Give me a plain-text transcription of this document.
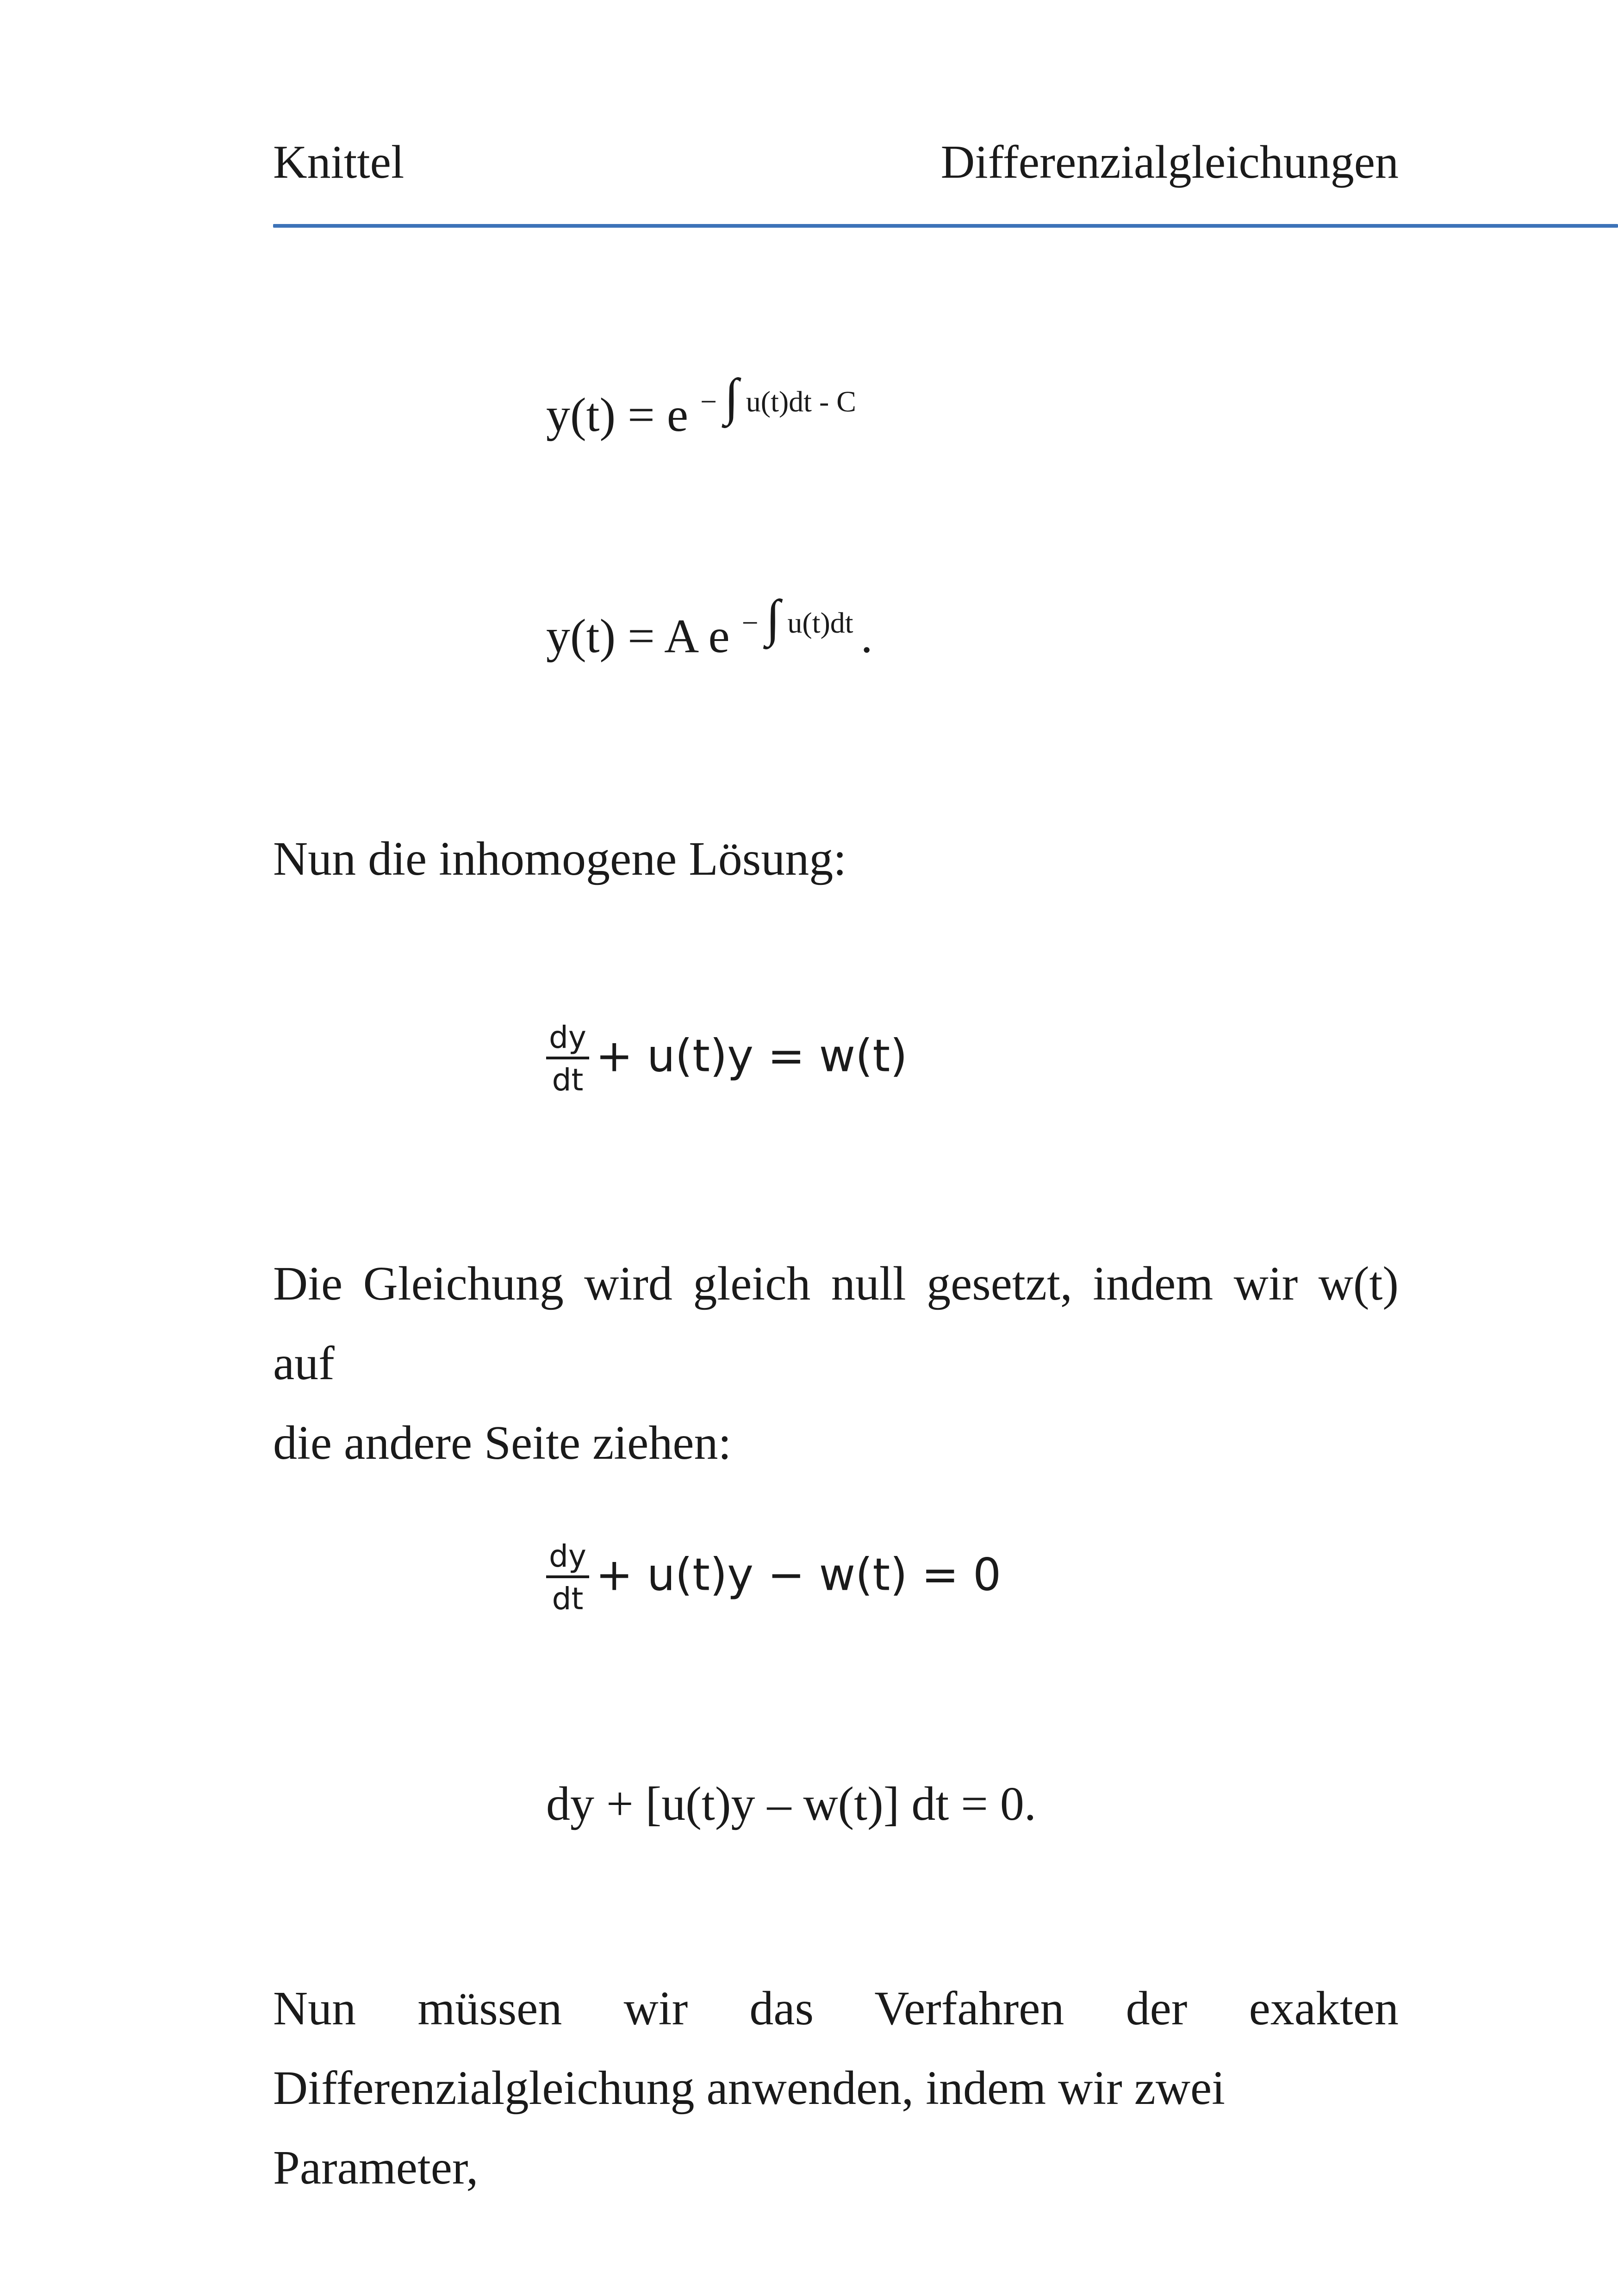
Knittel	Differenzialgleichungen
y(t) = e $^{- \int u(t)dt - C}$
y(t) = A e $^{- \int u(t)dt}$ .

Nun die inhomogene Lösung:

$\frac{dy}{dt} + u(t)y = w(t)$

Die Gleichung wird gleich null gesetzt, indem wir w(t) auf

die andere Seite ziehen:

$\frac{dy}{dt} + u(t)y - w(t) = 0$
dy + [u(t)y – w(t)] dt = 0.

Nun müssen wir das Verfahren der exakten

Differenzialgleichung anwenden, indem wir zwei Parameter,
